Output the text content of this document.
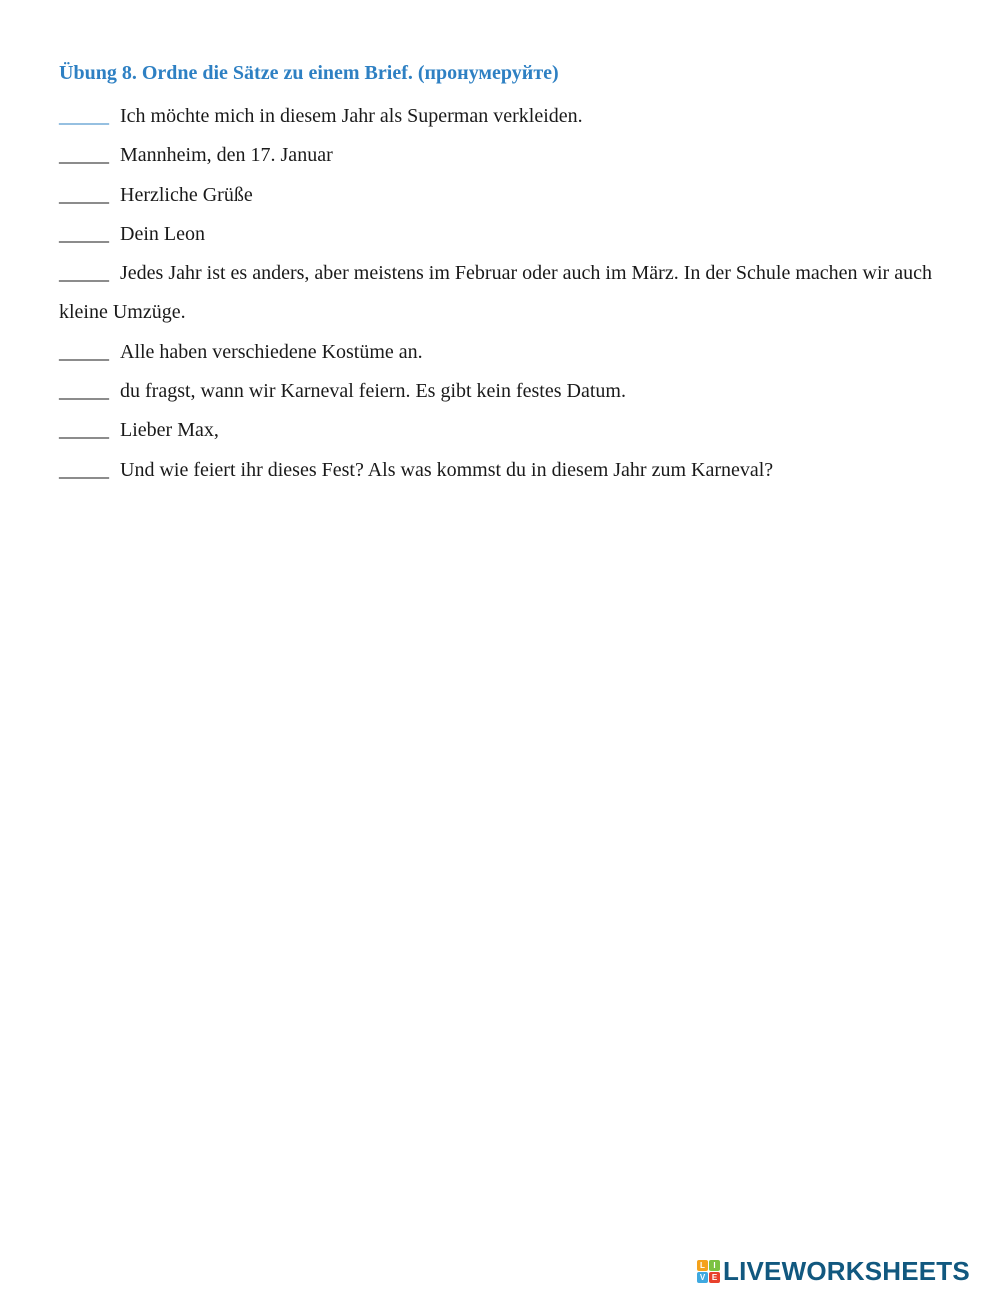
Übung 8. Ordne die Sätze zu einem Brief. (пронумеруйте)

_____ Ich möchte mich in diesem Jahr als Superman verkleiden.

_____ Mannheim, den 17. Januar

_____ Herzliche Grüße

_____ Dein Leon

_____ Jedes Jahr ist es anders, aber meistens im Februar oder auch im März. In der Schule machen wir auch kleine Umzüge.

_____ Alle haben verschiedene Kostüme an.

_____ du fragst, wann wir Karneval feiern. Es gibt kein festes Datum.

_____ Lieber Max,

_____ Und wie feiert ihr dieses Fest? Als was kommst du in diesem Jahr zum Karneval?

L	I
V E LIVEWORKSHEETS
